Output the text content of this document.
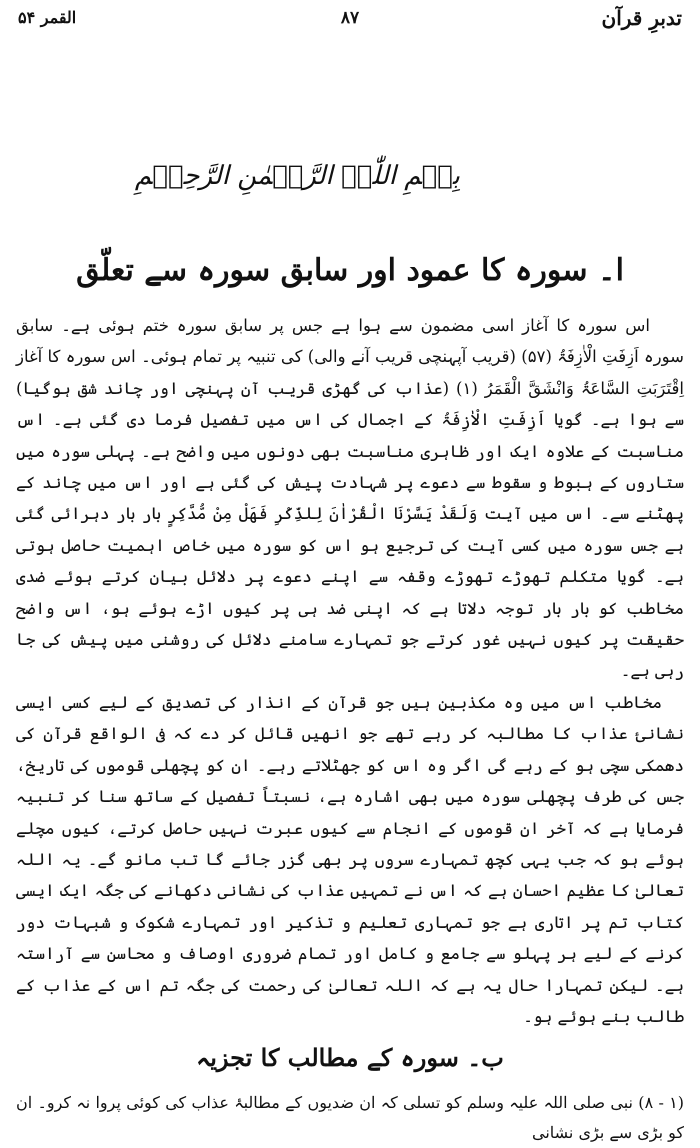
تدبرِ قرآن
۸۷
القمر ۵۴
بِسۡمِ اللّٰہِ الرَّحۡمٰنِ الرَّحِیۡمِ
ا۔ سورہ کا عمود اور سابق سورہ سے تعلّق

اس سورہ کا آغاز اسی مضمون سے ہوا ہے جس پر سابق سورہ ختم ہوئی ہے۔ سابق سورہ اَزِفَتِ الْاٰزِفَۃُ (۵۷) (قریب آپہنچی قریب آنے والی) کی تنبیہ پر تمام ہوئی۔ اس سورہ کا آغاز اِقْتَرَبَتِ السَّاعَۃُ وَانْشَقَّ الْقَمَرُ (۱) (عذاب کی گھڑی قریب آن پہنچی اور چاند شق ہوگیا) سے ہوا ہے۔ گویا اَزِفَتِ الْاٰزِفَۃُ کے اجمال کی اس میں تفصیل فرما دی گئی ہے۔ اس مناسبت کے علاوہ ایک اور ظاہری مناسبت بھی دونوں میں واضح ہے۔ پہلی سورہ میں ستاروں کے ہبوط و سقوط سے دعوے پر شہادت پیش کی گئی ہے اور اس میں چاند کے پھٹنے سے۔ اس میں آیت وَلَقَدْ یَسَّرْنَا الْقُرْاٰنَ لِلذِّکْرِ فَھَلْ مِنْ مُّدَّکِرٍ بار بار دہرائی گئی ہے جس سورہ میں کسی آیت کی ترجیع ہو اس کو سورہ میں خاص اہمیت حاصل ہوتی ہے۔ گویا متکلم تھوڑے تھوڑے وقفہ سے اپنے دعوے پر دلائل بیان کرتے ہوئے ضدی مخاطب کو بار بار توجہ دلاتا ہے کہ اپنی ضد ہی پر کیوں اڑے ہوئے ہو، اس واضح حقیقت پر کیوں نہیں غور کرتے جو تمہارے سامنے دلائل کی روشنی میں پیش کی جا رہی ہے۔

مخاطب اس میں وہ مکذبین ہیں جو قرآن کے انذار کی تصدیق کے لیے کسی ایسی نشانیٔ عذاب کا مطالبہ کر رہے تھے جو انھیں قائل کر دے کہ فی الواقع قرآن کی دھمکی سچی ہو کے رہے گی اگر وہ اس کو جھٹلاتے رہے۔ ان کو پچھلی قوموں کی تاریخ، جس کی طرف پچھلی سورہ میں بھی اشارہ ہے، نسبتاً تفصیل کے ساتھ سنا کر تنبیہ فرمایا ہے کہ آخر ان قوموں کے انجام سے کیوں عبرت نہیں حاصل کرتے، کیوں مچلے ہوئے ہو کہ جب یہی کچھ تمہارے سروں پر بھی گزر جائے گا تب مانو گے۔ یہ اللہ تعالیٰ کا عظیم احسان ہے کہ اس نے تمہیں عذاب کی نشانی دکھانے کی جگہ ایک ایسی کتاب تم پر اتاری ہے جو تمہاری تعلیم و تذکیر اور تمہارے شکوک و شبہات دور کرنے کے لیے ہر پہلو سے جامع و کامل اور تمام ضروری اوصاف و محاسن سے آراستہ ہے۔ لیکن تمہارا حال یہ ہے کہ اللہ تعالیٰ کی رحمت کی جگہ تم اس کے عذاب کے طالب بنے ہوئے ہو۔

ب۔ سورہ کے مطالب کا تجزیہ
(۱ - ۸) نبی صلی اللہ علیہ وسلم کو تسلی کہ ان ضدیوں کے مطالبۂ عذاب کی کوئی پروا نہ کرو۔ ان کو بڑی سے بڑی نشانی
